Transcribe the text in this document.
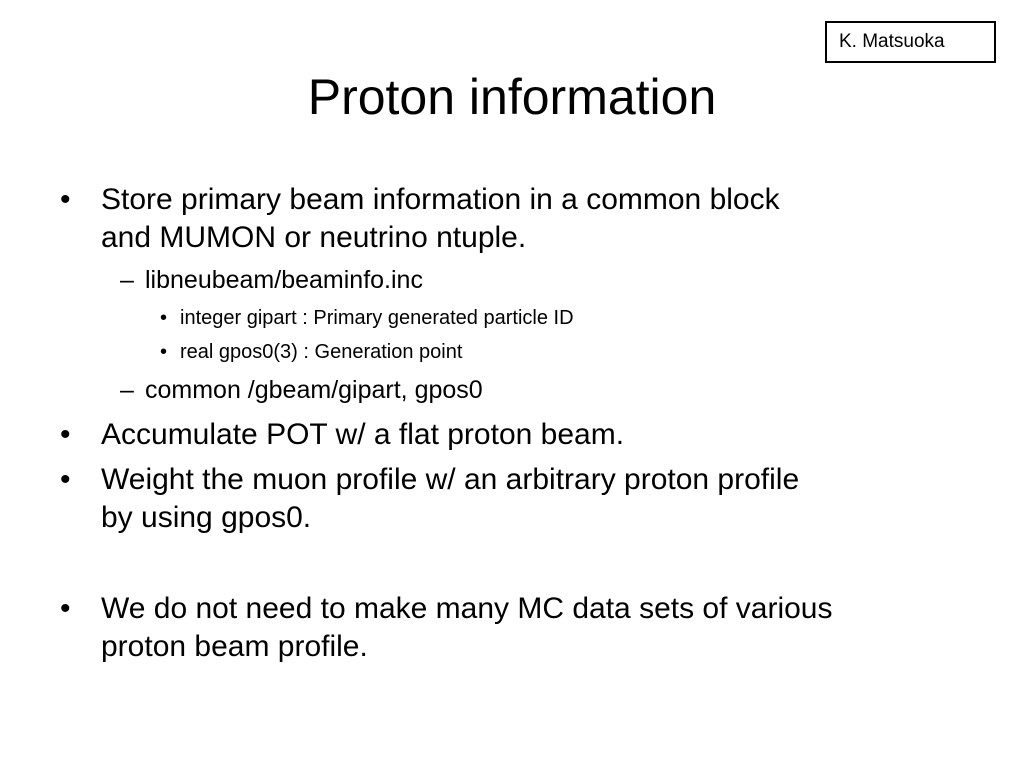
K. Matsuoka
Proton information
• Store primary beam information in a common block
and MUMON or neutrino ntuple.
– libneubeam/beaminfo.inc
• integer gipart : Primary generated particle ID
• real gpos0(3) : Generation point
– common /gbeam/gipart, gpos0
• Accumulate POT w/ a flat proton beam.
• Weight the muon profile w/ an arbitrary proton profile
by using gpos0.
• We do not need to make many MC data sets of various
proton beam profile.
